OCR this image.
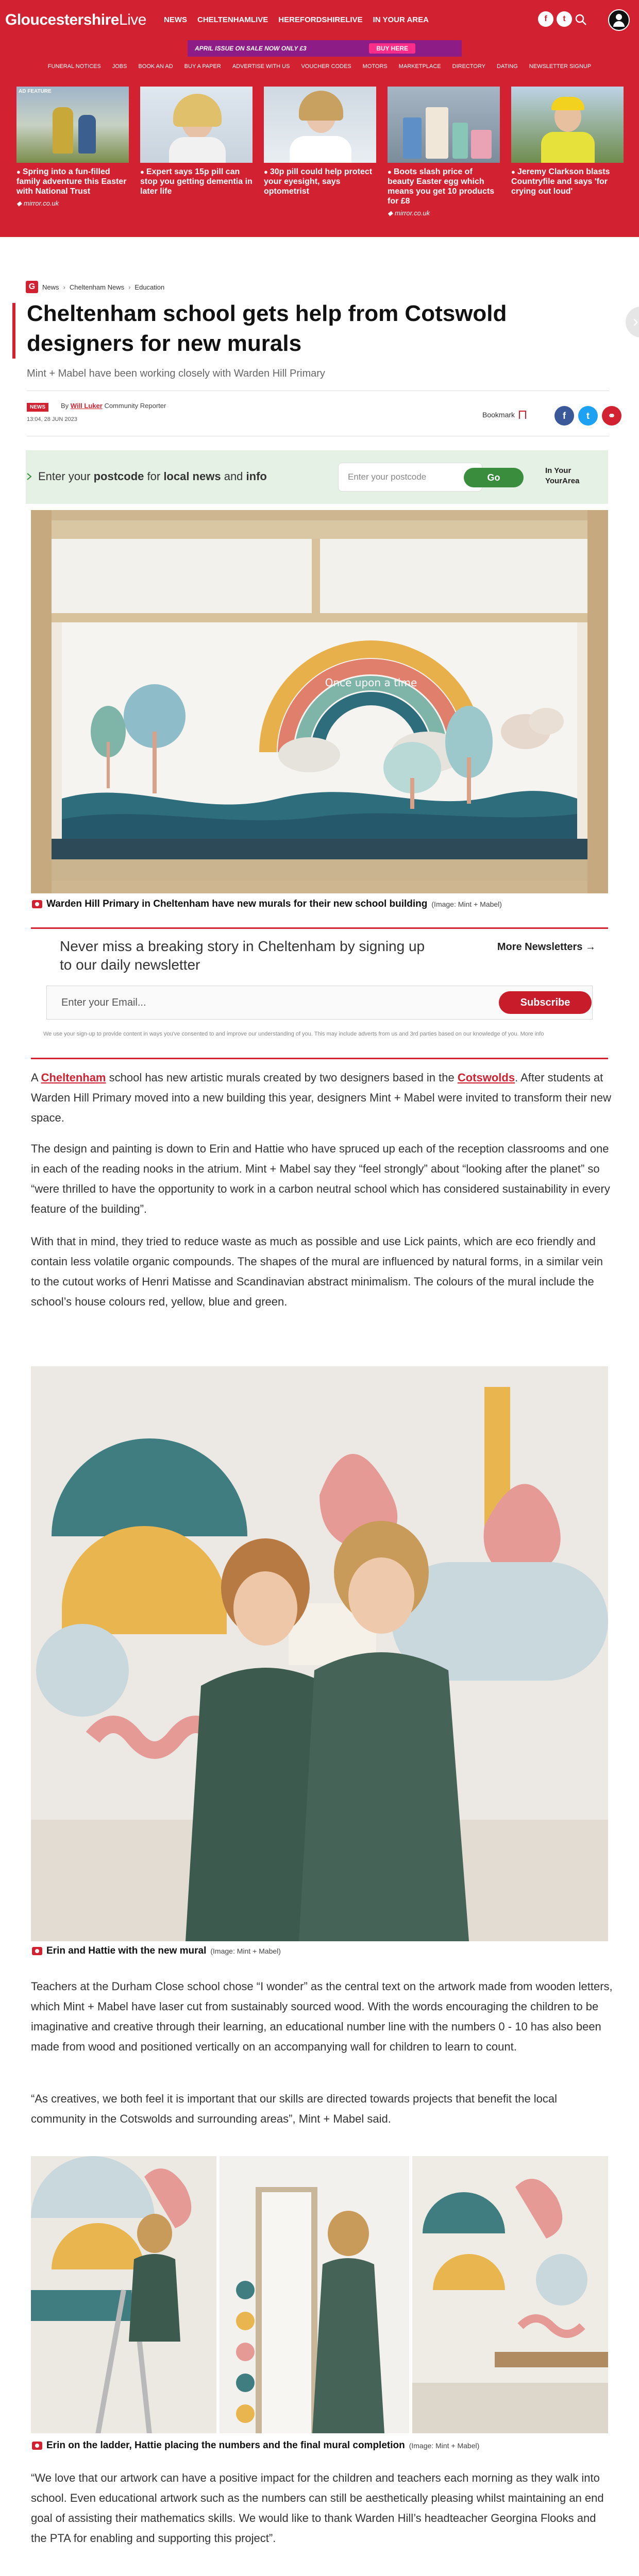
GloucestershireLive NEWS CHELTENHAMLIVE HEREFORDSHIRELIVE IN YOUR AREA	f	t
APRIL ISSUE ON SALE NOW ONLY £3	BUY HERE
FUNERAL NOTICES JOBS BOOK AN AD BUY A PAPER ADVERTISE WITH US VOUCHER CODES MOTORS MARKETPLACE DIRECTORY DATING NEWSLETTER SIGNUP
AD FEATURE
● Spring into a fun-filled family adventure this Easter with National Trust
◆ mirror.co.uk
● Expert says 15p pill can stop you getting dementia in later life
● 30p pill could help protect your eyesight, says optometrist
● Boots slash price of beauty Easter egg which means you get 10 products for £8
◆ mirror.co.uk
● Jeremy Clarkson blasts Countryfile and says 'for crying out loud'
G	News › Cheltenham News › Education
Cheltenham school gets help from Cotswold designers for new murals
›
Mint + Mabel have been working closely with Warden Hill Primary
NEWS	By Will Luker Community Reporter
13:04, 28 JUN 2023
Bookmark	f	t	⚭
Enter your postcode for local news and info	Enter your postcode	Go
In Your
YourArea
Once upon a time
Warden Hill Primary in Cheltenham have new murals for their new school building (Image: Mint + Mabel)
Never miss a breaking story in Cheltenham by signing up to our daily newsletter
More Newsletters →
Enter your Email...	Subscribe
We use your sign-up to provide content in ways you've consented to and improve our understanding of you. This may include adverts from us and 3rd parties based on our knowledge of you. More info

A Cheltenham school has new artistic murals created by two designers based in the Cotswolds. After students at Warden Hill Primary moved into a new building this year, designers Mint + Mabel were invited to transform their new space.

The design and painting is down to Erin and Hattie who have spruced up each of the reception classrooms and one in each of the reading nooks in the atrium. Mint + Mabel say they “feel strongly” about “looking after the planet” so “were thrilled to have the opportunity to work in a carbon neutral school which has considered sustainability in every feature of the building”.

With that in mind, they tried to reduce waste as much as possible and use Lick paints, which are eco friendly and contain less volatile organic compounds. The shapes of the mural are influenced by natural forms, in a similar vein to the cutout works of Henri Matisse and Scandinavian abstract minimalism. The colours of the mural include the school’s house colours red, yellow, blue and green.

Erin and Hattie with the new mural (Image: Mint + Mabel)

Teachers at the Durham Close school chose “I wonder” as the central text on the artwork made from wooden letters, which Mint + Mabel have laser cut from sustainably sourced wood. With the words encouraging the children to be imaginative and creative through their learning, an educational number line with the numbers 0 - 10 has also been made from wood and positioned vertically on an accompanying wall for children to learn to count.

“As creatives, we both feel it is important that our skills are directed towards projects that benefit the local community in the Cotswolds and surrounding areas”, Mint + Mabel said.

Erin on the ladder, Hattie placing the numbers and the final mural completion (Image: Mint + Mabel)

“We love that our artwork can have a positive impact for the children and teachers each morning as they walk into school. Even educational artwork such as the numbers can still be aesthetically pleasing whilst maintaining an end goal of assisting their mathematics skills. We would like to thank Warden Hill’s headteacher Georgina Flooks and the PTA for enabling and supporting this project”.
